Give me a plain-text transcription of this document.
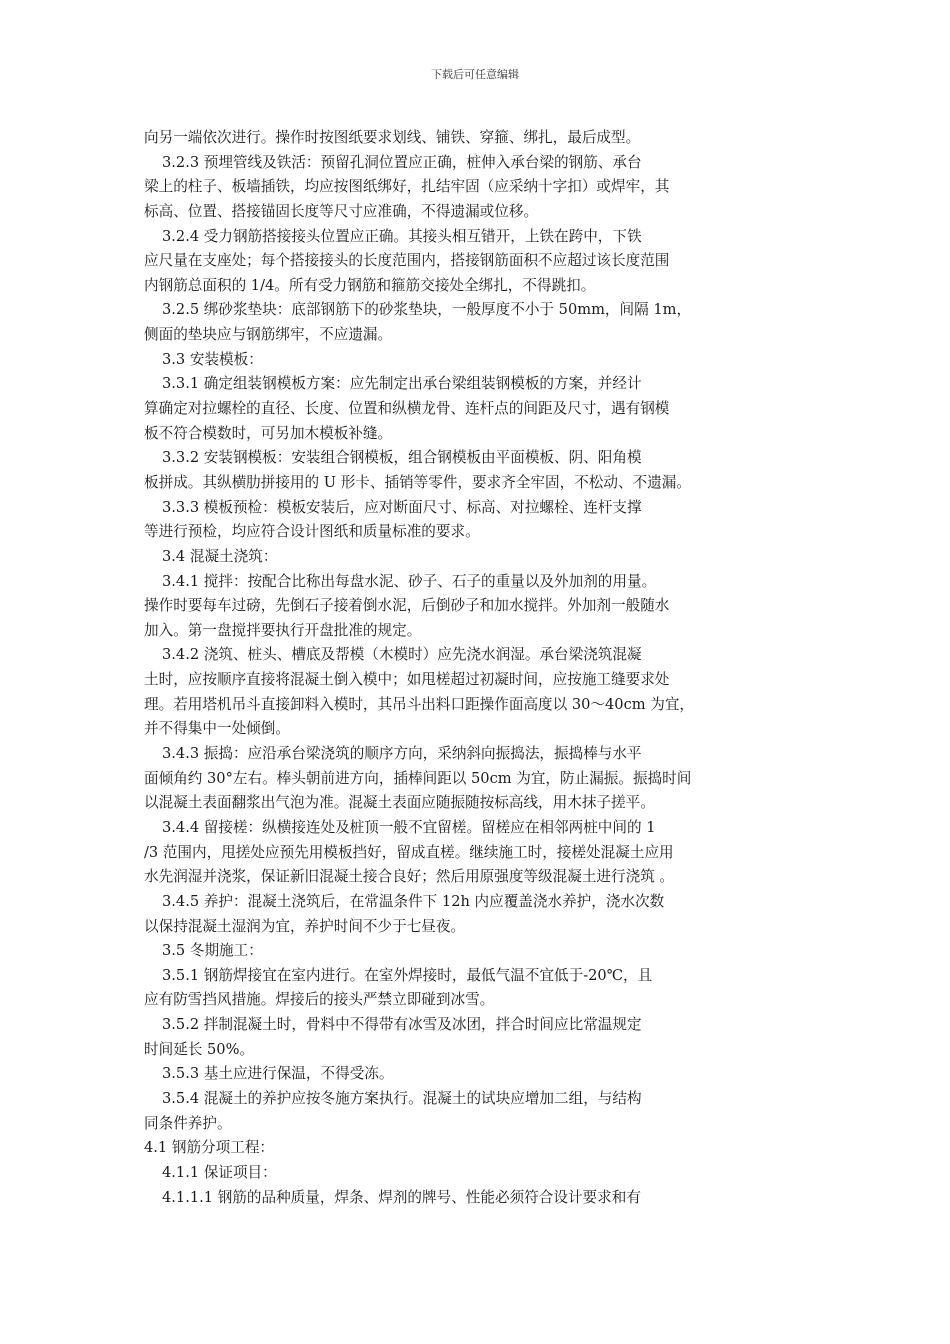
下载后可任意编辑
向另一端依次进行。操作时按图纸要求划线、铺铁、穿箍、绑扎，最后成型。
3.2.3 预埋管线及铁活：预留孔洞位置应正确，桩伸入承台梁的钢筋、承台
梁上的柱子、板墙插铁，均应按图纸绑好，扎结牢固（应采纳十字扣）或焊牢，其
标高、位置、搭接锚固长度等尺寸应准确，不得遗漏或位移。
3.2.4 受力钢筋搭接接头位置应正确。其接头相互错开，上铁在跨中，下铁
应尺量在支座处；每个搭接接头的长度范围内，搭接钢筋面积不应超过该长度范围
内钢筋总面积的 1/4。所有受力钢筋和箍筋交接处全绑扎，不得跳扣。
3.2.5 绑砂浆垫块：底部钢筋下的砂浆垫块，一般厚度不小于 50mm，间隔 1m，
侧面的垫块应与钢筋绑牢，不应遗漏。
3.3 安装模板：
3.3.1 确定组装钢模板方案：应先制定出承台梁组装钢模板的方案，并经计
算确定对拉螺栓的直径、长度、位置和纵横龙骨、连杆点的间距及尺寸，遇有钢模
板不符合模数时，可另加木模板补缝。
3.3.2 安装钢模板：安装组合钢模板，组合钢模板由平面模板、阴、阳角模
板拼成。其纵横肋拼接用的 U 形卡、插销等零件，要求齐全牢固，不松动、不遗漏。
3.3.3 模板预检：模板安装后，应对断面尺寸、标高、对拉螺栓、连杆支撑
等进行预检，均应符合设计图纸和质量标准的要求。
3.4 混凝土浇筑：
3.4.1 搅拌：按配合比称出每盘水泥、砂子、石子的重量以及外加剂的用量。
操作时要每车过磅，先倒石子接着倒水泥，后倒砂子和加水搅拌。外加剂一般随水
加入。第一盘搅拌要执行开盘批准的规定。
3.4.2 浇筑、桩头、槽底及帮模（木模时）应先浇水润湿。承台梁浇筑混凝
土时，应按顺序直接将混凝土倒入模中；如甩槎超过初凝时间，应按施工缝要求处
理。若用塔机吊斗直接卸料入模时，其吊斗出料口距操作面高度以 30～40cm 为宜，
并不得集中一处倾倒。
3.4.3 振捣：应沿承台梁浇筑的顺序方向，采纳斜向振捣法，振捣棒与水平
面倾角约 30°左右。棒头朝前进方向，插棒间距以 50cm 为宜，防止漏振。振捣时间
以混凝土表面翻浆出气泡为准。混凝土表面应随振随按标高线，用木抹子搓平。
3.4.4 留接槎：纵横接连处及桩顶一般不宜留槎。留槎应在相邻两桩中间的 1
/3 范围内，甩搓处应预先用模板挡好，留成直槎。继续施工时，接槎处混凝土应用
水先润湿并浇浆，保证新旧混凝土接合良好；然后用原强度等级混凝土进行浇筑 。
3.4.5 养护：混凝土浇筑后，在常温条件下 12h 内应覆盖浇水养护，浇水次数
以保持混凝土湿润为宜，养护时间不少于七昼夜。
3.5 冬期施工：
3.5.1 钢筋焊接宜在室内进行。在室外焊接时，最低气温不宜低于-20℃，且
应有防雪挡风措施。焊接后的接头严禁立即碰到冰雪。
3.5.2 拌制混凝土时，骨料中不得带有冰雪及冰团，拌合时间应比常温规定
时间延长 50%。
3.5.3 基土应进行保温，不得受冻。
3.5.4 混凝土的养护应按冬施方案执行。混凝土的试块应增加二组，与结构
同条件养护。
4.1 钢筋分项工程：
4.1.1 保证项目：
4.1.1.1 钢筋的品种质量，焊条、焊剂的牌号、性能必须符合设计要求和有
